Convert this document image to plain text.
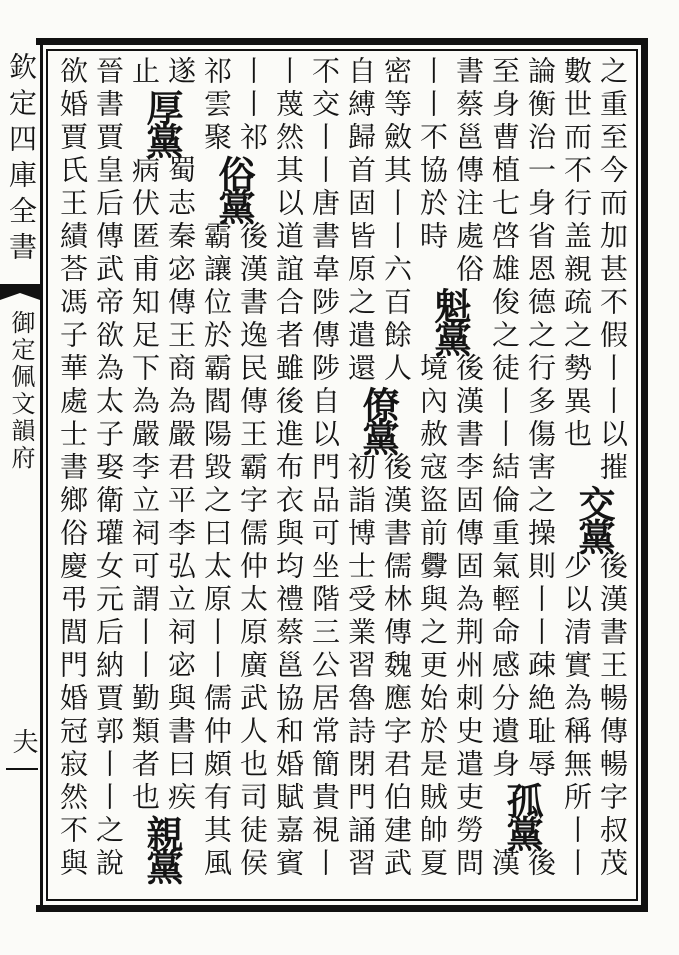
欽定四庫全書
御定佩文韻府
夫
之重至今而加甚不假丨丨以摧
數世而不行盖親疏之勢異也
交黨
後漢書王暢傳暢字叔茂
少以清實為稱無所丨丨
論衡治一身省恩德之行多傷害之操則丨丨疎絶耻辱
至身曹植七啓雄俊之徒丨丨結倫重氣輕命感分遺身
孤黨
後
漢
書蔡邕傳注處俗
丨丨不協於時
魁黨
後漢書李固傳固為荆州刺史遣吏勞問
境內赦寇盜前釁與之更始於是賊帥夏
密等斂其丨丨六百餘人
自縛歸首固皆原之遣還
僚黨
後漢書儒林傳魏應字君伯建武
初詣博士受業習魯詩閉門誦習
不交丨丨唐書韋陟傳陟自以門品可坐階三公居常簡貴視丨
丨蔑然其以道誼合者雖後進布衣與均禮蔡邕協和婚賦嘉賓
丨丨祁
祁雲聚
俗黨
後漢書逸民傳王霸字儒仲太原廣武人也司徒侯
霸讓位於霸閻陽毀之曰太原丨丨儒仲頗有其風
遂
止
厚黨
蜀志秦宓傳王商為嚴君平李弘立祠宓與書曰疾
病伏匿甫知足下為嚴李立祠可謂丨丨勤類者也
親黨
晉書賈皇后傳武帝欲為太子娶衛瓘女元后納賈郭丨丨之說
欲婚賈氏王績荅馮子華處士書鄉俗慶弔閭門婚冠寂然不與
